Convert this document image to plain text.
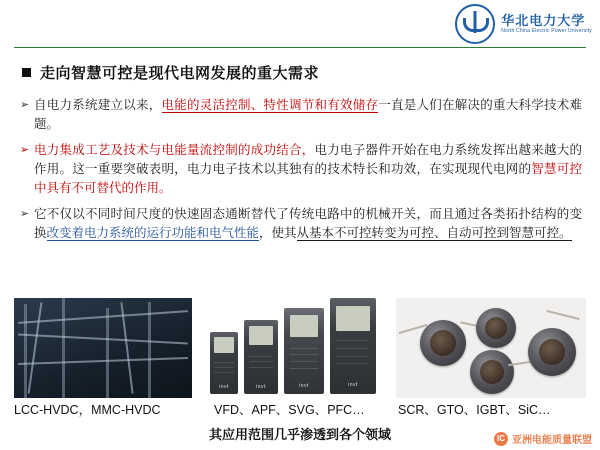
华北电力大学
North China Electric Power University
走向智慧可控是现代电网发展的重大需求
➢ 自电力系统建立以来，电能的灵活控制、特性调节和有效储存一直是人们在解决的重大科学技术难题。
➢ 电力集成工艺及技术与电能量流控制的成功结合，电力电子器件开始在电力系统发挥出越来越大的作用。这一重要突破表明，电力电子技术以其独有的技术特长和功效，在实现现代电网的智慧可控中具有不可替代的作用。
➢ 它不仅以不同时间尺度的快速固态通断替代了传统电路中的机械开关，而且通过各类拓扑结构的变换改变着电力系统的运行功能和电气性能，使其从基本不可控转变为可控、自动可控到智慧可控。
invt	invt	invt	invt
LCC-HVDC，MMC-HVDC	VFD、APF、SVG、PFC…	SCR、GTO、IGBT、SiC…
其应用范围几乎渗透到各个领域	IC 亚洲电能质量联盟
